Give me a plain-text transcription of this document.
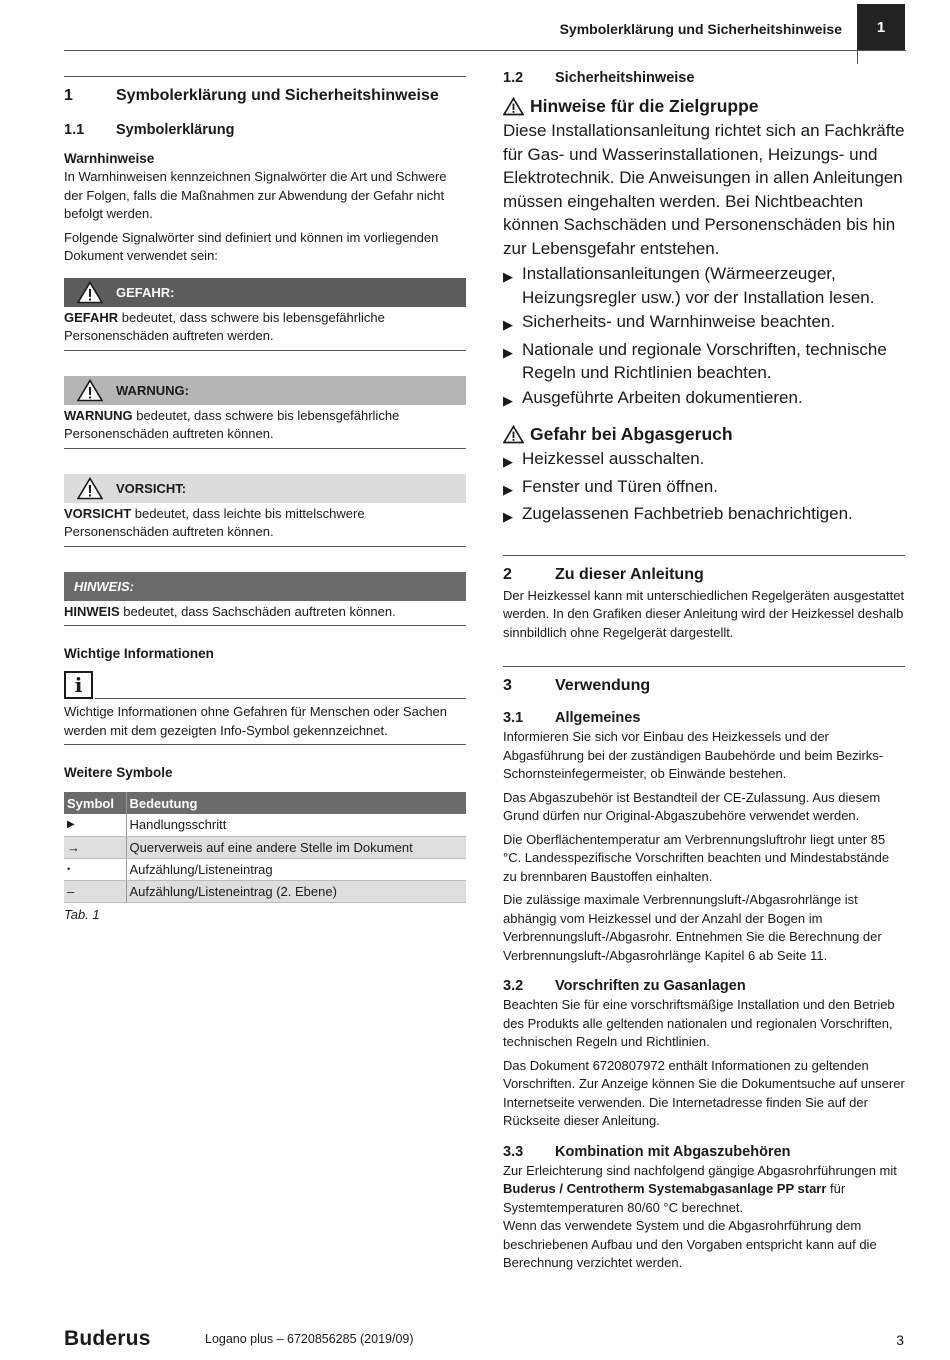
Symbolerklärung und Sicherheitshinweise	1
1	Symbolerklärung und Sicherheitshinweise
1.1	Symbolerklärung
Warnhinweise

In Warnhinweisen kennzeichnen Signalwörter die Art und Schwere der Folgen, falls die Maßnahmen zur Abwendung der Gefahr nicht befolgt werden.

Folgende Signalwörter sind definiert und können im vorliegenden Dokument verwendet sein:

GEFAHR:
GEFAHR bedeutet, dass schwere bis lebensgefährliche Personenschäden auftreten werden.
WARNUNG:
WARNUNG bedeutet, dass schwere bis lebensgefährliche Personenschäden auftreten können.
VORSICHT:
VORSICHT bedeutet, dass leichte bis mittelschwere Personenschäden auftreten können.
HINWEIS:
HINWEIS bedeutet, dass Sachschäden auftreten können.
Wichtige Informationen
i
Wichtige Informationen ohne Gefahren für Menschen oder Sachen werden mit dem gezeigten Info-Symbol gekennzeichnet.
Weitere Symbole
Symbol	Bedeutung
▶	Handlungsschritt
→	Querverweis auf eine andere Stelle im Dokument
•	Aufzählung/Listeneintrag
–	Aufzählung/Listeneintrag (2. Ebene)
Tab. 1
1.2	Sicherheitshinweise
Hinweise für die Zielgruppe

Diese Installationsanleitung richtet sich an Fachkräfte für Gas- und Wasserinstallationen, Heizungs- und Elektrotechnik. Die Anweisungen in allen Anleitungen müssen eingehalten werden. Bei Nichtbeachten können Sachschäden und Personenschäden bis hin zur Lebensgefahr entstehen.

▶ Installationsanleitungen (Wärmeerzeuger, Heizungsregler usw.) vor der Installation lesen.
▶ Sicherheits- und Warnhinweise beachten.
▶ Nationale und regionale Vorschriften, technische Regeln und Richtlinien beachten.
▶ Ausgeführte Arbeiten dokumentieren.
Gefahr bei Abgasgeruch
▶ Heizkessel ausschalten.
▶ Fenster und Türen öffnen.
▶ Zugelassenen Fachbetrieb benachrichtigen.
2	Zu dieser Anleitung

Der Heizkessel kann mit unterschiedlichen Regelgeräten ausgestattet werden. In den Grafiken dieser Anleitung wird der Heizkessel deshalb sinnbildlich ohne Regelgerät dargestellt.

3	Verwendung
3.1	Allgemeines

Informieren Sie sich vor Einbau des Heizkessels und der Abgasführung bei der zuständigen Baubehörde und beim Bezirks-Schornsteinfegermeister, ob Einwände bestehen.

Das Abgaszubehör ist Bestandteil der CE-Zulassung. Aus diesem Grund dürfen nur Original-Abgaszubehöre verwendet werden.

Die Oberflächentemperatur am Verbrennungsluftrohr liegt unter 85 °C. Landesspezifische Vorschriften beachten und Mindestabstände zu brennbaren Baustoffen einhalten.

Die zulässige maximale Verbrennungsluft-/Abgasrohrlänge ist abhängig vom Heizkessel und der Anzahl der Bogen im Verbrennungsluft-/Abgasrohr. Entnehmen Sie die Berechnung der Verbrennungsluft-/Abgasrohrlänge Kapitel 6 ab Seite 11.

3.2	Vorschriften zu Gasanlagen

Beachten Sie für eine vorschriftsmäßige Installation und den Betrieb des Produkts alle geltenden nationalen und regionalen Vorschriften, technischen Regeln und Richtlinien.

Das Dokument 6720807972 enthält Informationen zu geltenden Vorschriften. Zur Anzeige können Sie die Dokumentsuche auf unserer Internetseite verwenden. Die Internetadresse finden Sie auf der Rückseite dieser Anleitung.

3.3	Kombination mit Abgaszubehören

Zur Erleichterung sind nachfolgend gängige Abgasrohrführungen mit Buderus / Centrotherm Systemabgasanlage PP starr für Systemtemperaturen 80/60 °C berechnet.

Wenn das verwendete System und die Abgasrohrführung dem beschriebenen Aufbau und den Vorgaben entspricht kann auf die Berechnung verzichtet werden.

Buderus	Logano plus – 6720856285 (2019/09)	3
